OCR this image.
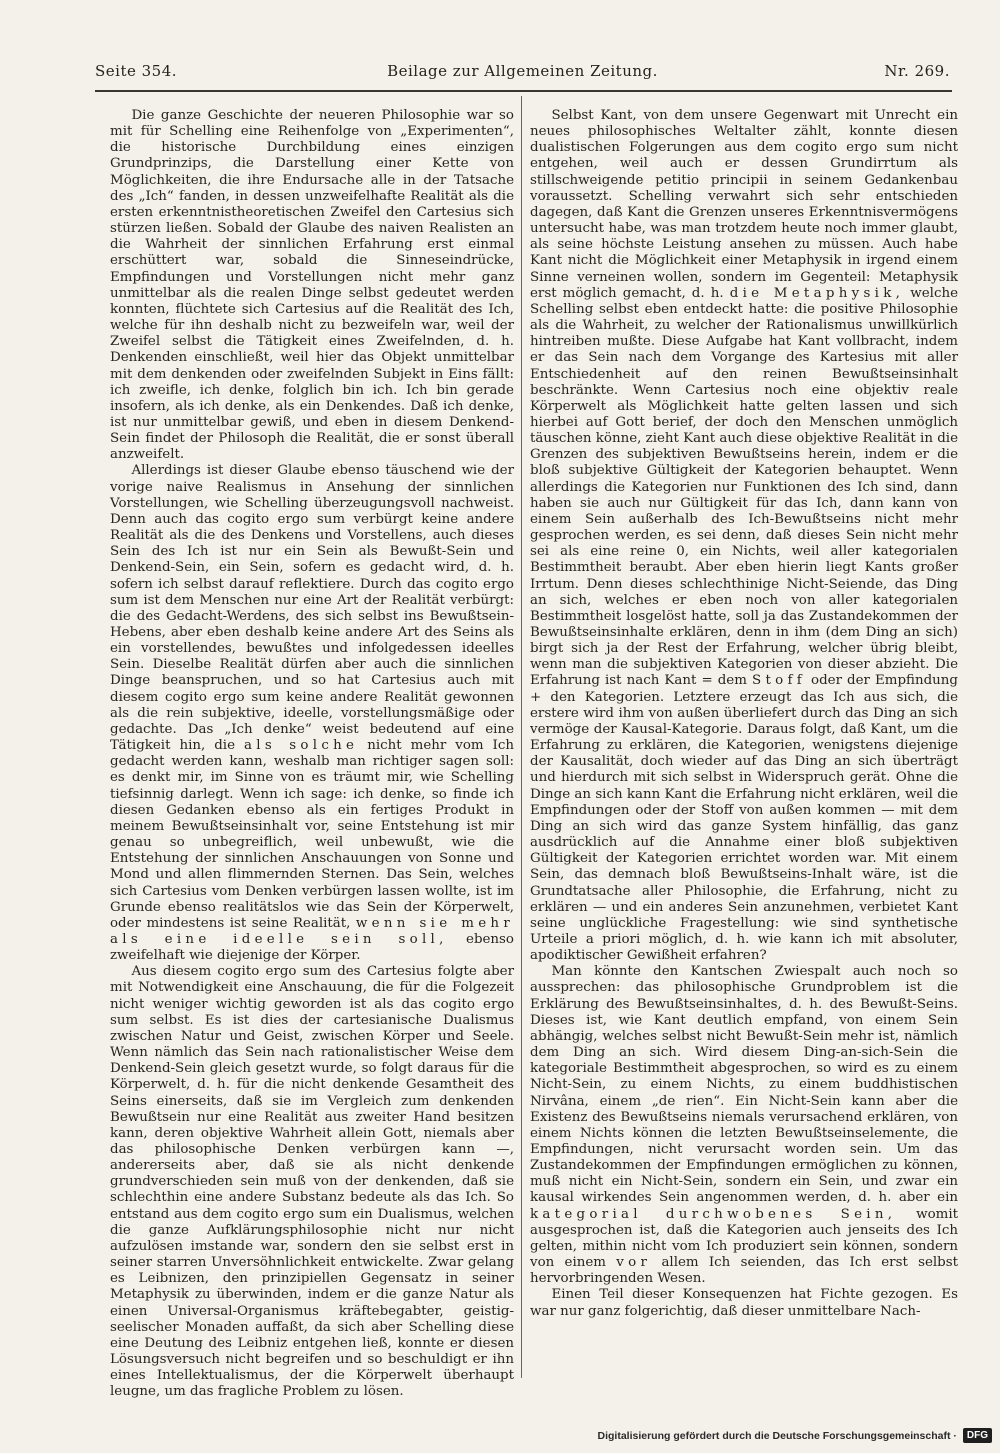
Seite 354.	Beilage zur Allgemeinen Zeitung.	Nr. 269.

Die ganze Geschichte der neueren Philosophie war so mit für Schelling eine Reihenfolge von „Experimenten“, die historische Durchbildung eines einzigen Grundprinzips, die Darstellung einer Kette von Möglichkeiten, die ihre Endursache alle in der Tatsache des „Ich“ fanden, in dessen unzweifelhafte Realität als die ersten erkenntnistheoretischen Zweifel den Cartesius sich stürzen ließen. Sobald der Glaube des naiven Realisten an die Wahrheit der sinnlichen Erfahrung erst einmal erschüttert war, sobald die Sinneseindrücke, Empfindungen und Vorstellungen nicht mehr ganz unmittelbar als die realen Dinge selbst gedeutet werden konnten, flüchtete sich Cartesius auf die Realität des Ich, welche für ihn deshalb nicht zu bezweifeln war, weil der Zweifel selbst die Tätigkeit eines Zweifelnden, d. h. Denkenden einschließt, weil hier das Objekt unmittelbar mit dem denkenden oder zweifelnden Subjekt in Eins fällt: ich zweifle, ich denke, folglich bin ich. Ich bin gerade insofern, als ich denke, als ein Denkendes. Daß ich denke, ist nur unmittelbar gewiß, und eben in diesem Denkend-Sein findet der Philosoph die Realität, die er sonst überall anzweifelt.

Allerdings ist dieser Glaube ebenso täuschend wie der vorige naive Realismus in Ansehung der sinnlichen Vorstellungen, wie Schelling überzeugungsvoll nachweist. Denn auch das cogito ergo sum verbürgt keine andere Realität als die des Denkens und Vorstellens, auch dieses Sein des Ich ist nur ein Sein als Bewußt-Sein und Denkend-Sein, ein Sein, sofern es gedacht wird, d. h. sofern ich selbst darauf reflektiere. Durch das cogito ergo sum ist dem Menschen nur eine Art der Realität verbürgt: die des Gedacht-Werdens, des sich selbst ins Bewußtsein-Hebens, aber eben deshalb keine andere Art des Seins als ein vorstellendes, bewußtes und infolgedessen ideelles Sein. Dieselbe Realität dürfen aber auch die sinnlichen Dinge beanspruchen, und so hat Cartesius auch mit diesem cogito ergo sum keine andere Realität gewonnen als die rein subjektive, ideelle, vorstellungsmäßige oder gedachte. Das „Ich denke“ weist bedeutend auf eine Tätigkeit hin, die als solche nicht mehr vom Ich gedacht werden kann, weshalb man richtiger sagen soll: es denkt mir, im Sinne von es träumt mir, wie Schelling tiefsinnig darlegt. Wenn ich sage: ich denke, so finde ich diesen Gedanken ebenso als ein fertiges Produkt in meinem Bewußtseinsinhalt vor, seine Entstehung ist mir genau so unbegreiflich, weil unbewußt, wie die Entstehung der sinnlichen Anschauungen von Sonne und Mond und allen flimmernden Sternen. Das Sein, welches sich Cartesius vom Denken verbürgen lassen wollte, ist im Grunde ebenso realitätslos wie das Sein der Körperwelt, oder mindestens ist seine Realität, wenn sie mehr als eine ideelle sein soll, ebenso zweifelhaft wie diejenige der Körper.

Aus diesem cogito ergo sum des Cartesius folgte aber mit Notwendigkeit eine Anschauung, die für die Folgezeit nicht weniger wichtig geworden ist als das cogito ergo sum selbst. Es ist dies der cartesianische Dualismus zwischen Natur und Geist, zwischen Körper und Seele. Wenn nämlich das Sein nach rationalistischer Weise dem Denkend-Sein gleich gesetzt wurde, so folgt daraus für die Körperwelt, d. h. für die nicht denkende Gesamtheit des Seins einerseits, daß sie im Vergleich zum denkenden Bewußtsein nur eine Realität aus zweiter Hand besitzen kann, deren objektive Wahrheit allein Gott, niemals aber das philosophische Denken verbürgen kann —, andererseits aber, daß sie als nicht denkende grundverschieden sein muß von der denkenden, daß sie schlechthin eine andere Substanz bedeute als das Ich. So entstand aus dem cogito ergo sum ein Dualismus, welchen die ganze Aufklärungsphilosophie nicht nur nicht aufzulösen imstande war, sondern den sie selbst erst in seiner starren Unversöhnlichkeit entwickelte. Zwar gelang es Leibnizen, den prinzipiellen Gegensatz in seiner Metaphysik zu überwinden, indem er die ganze Natur als einen Universal-Organismus kräftebegabter, geistig-seelischer Monaden auffaßt, da sich aber Schelling diese eine Deutung des Leibniz entgehen ließ, konnte er diesen Lösungsversuch nicht begreifen und so beschuldigt er ihn eines Intellektualismus, der die Körperwelt überhaupt leugne, um das fragliche Problem zu lösen.

Selbst Kant, von dem unsere Gegenwart mit Unrecht ein neues philosophisches Weltalter zählt, konnte diesen dualistischen Folgerungen aus dem cogito ergo sum nicht entgehen, weil auch er dessen Grundirrtum als stillschweigende petitio principii in seinem Gedankenbau voraussetzt. Schelling verwahrt sich sehr entschieden dagegen, daß Kant die Grenzen unseres Erkenntnisvermögens untersucht habe, was man trotzdem heute noch immer glaubt, als seine höchste Leistung ansehen zu müssen. Auch habe Kant nicht die Möglichkeit einer Metaphysik in irgend einem Sinne verneinen wollen, sondern im Gegenteil: Metaphysik erst möglich gemacht, d. h. die Metaphysik, welche Schelling selbst eben entdeckt hatte: die positive Philosophie als die Wahrheit, zu welcher der Rationalismus unwillkürlich hintreiben mußte. Diese Aufgabe hat Kant vollbracht, indem er das Sein nach dem Vorgange des Kartesius mit aller Entschiedenheit auf den reinen Bewußtseinsinhalt beschränkte. Wenn Cartesius noch eine objektiv reale Körperwelt als Möglichkeit hatte gelten lassen und sich hierbei auf Gott berief, der doch den Menschen unmöglich täuschen könne, zieht Kant auch diese objektive Realität in die Grenzen des subjektiven Bewußtseins herein, indem er die bloß subjektive Gültigkeit der Kategorien behauptet. Wenn allerdings die Kategorien nur Funktionen des Ich sind, dann haben sie auch nur Gültigkeit für das Ich, dann kann von einem Sein außerhalb des Ich-Bewußtseins nicht mehr gesprochen werden, es sei denn, daß dieses Sein nicht mehr sei als eine reine 0, ein Nichts, weil aller kategorialen Bestimmtheit beraubt. Aber eben hierin liegt Kants großer Irrtum. Denn dieses schlechthinige Nicht-Seiende, das Ding an sich, welches er eben noch von aller kategorialen Bestimmtheit losgelöst hatte, soll ja das Zustandekommen der Bewußtseinsinhalte erklären, denn in ihm (dem Ding an sich) birgt sich ja der Rest der Erfahrung, welcher übrig bleibt, wenn man die subjektiven Kategorien von dieser abzieht. Die Erfahrung ist nach Kant = dem Stoff oder der Empfindung + den Kategorien. Letztere erzeugt das Ich aus sich, die erstere wird ihm von außen überliefert durch das Ding an sich vermöge der Kausal-Kategorie. Daraus folgt, daß Kant, um die Erfahrung zu erklären, die Kategorien, wenigstens diejenige der Kausalität, doch wieder auf das Ding an sich überträgt und hierdurch mit sich selbst in Widerspruch gerät. Ohne die Dinge an sich kann Kant die Erfahrung nicht erklären, weil die Empfindungen oder der Stoff von außen kommen — mit dem Ding an sich wird das ganze System hinfällig, das ganz ausdrücklich auf die Annahme einer bloß subjektiven Gültigkeit der Kategorien errichtet worden war. Mit einem Sein, das demnach bloß Bewußtseins-Inhalt wäre, ist die Grundtatsache aller Philosophie, die Erfahrung, nicht zu erklären — und ein anderes Sein anzunehmen, verbietet Kant seine unglückliche Fragestellung: wie sind synthetische Urteile a priori möglich, d. h. wie kann ich mit absoluter, apodiktischer Gewißheit erfahren?

Man könnte den Kantschen Zwiespalt auch noch so aussprechen: das philosophische Grundproblem ist die Erklärung des Bewußtseinsinhaltes, d. h. des Bewußt-Seins. Dieses ist, wie Kant deutlich empfand, von einem Sein abhängig, welches selbst nicht Bewußt-Sein mehr ist, nämlich dem Ding an sich. Wird diesem Ding-an-sich-Sein die kategoriale Bestimmtheit abgesprochen, so wird es zu einem Nicht-Sein, zu einem Nichts, zu einem buddhistischen Nirvâna, einem „de rien“. Ein Nicht-Sein kann aber die Existenz des Bewußtseins niemals verursachend erklären, von einem Nichts können die letzten Bewußtseinselemente, die Empfindungen, nicht verursacht worden sein. Um das Zustandekommen der Empfindungen ermöglichen zu können, muß nicht ein Nicht-Sein, sondern ein Sein, und zwar ein kausal wirkendes Sein angenommen werden, d. h. aber ein kategorial durchwobenes Sein, womit ausgesprochen ist, daß die Kategorien auch jenseits des Ich gelten, mithin nicht vom Ich produziert sein können, sondern von einem vor allem Ich seienden, das Ich erst selbst hervorbringenden Wesen.

Einen Teil dieser Konsequenzen hat Fichte gezogen. Es war nur ganz folgerichtig, daß dieser unmittelbare Nach-

Digitalisierung gefördert durch die Deutsche Forschungsgemeinschaft ·	DFG
